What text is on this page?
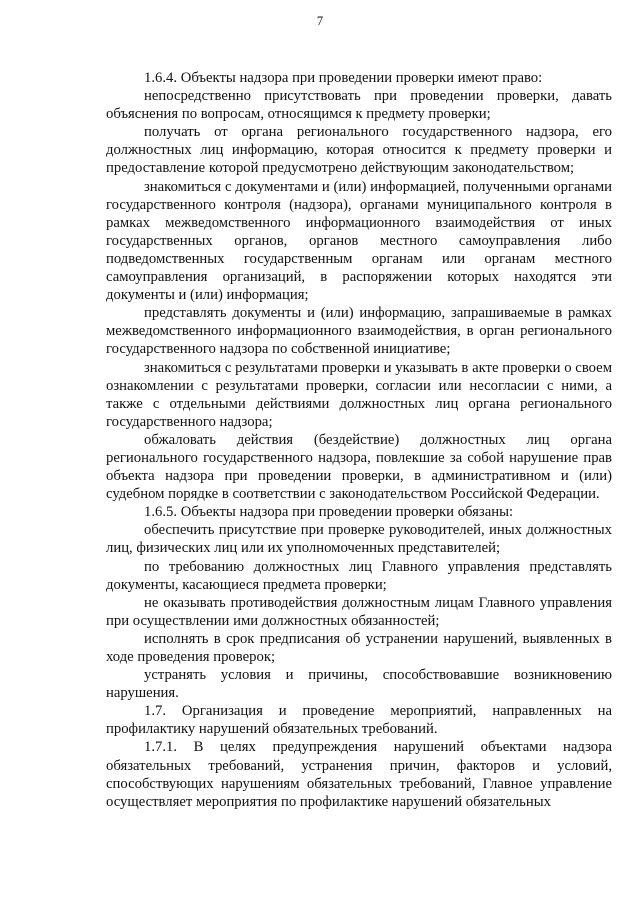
7

1.6.4. Объекты надзора при проведении проверки имеют право:

непосредственно присутствовать при проведении проверки, давать объяснения по вопросам, относящимся к предмету проверки;

получать от органа регионального государственного надзора, его должностных лиц информацию, которая относится к предмету проверки и предоставление которой предусмотрено действующим законодательством;

знакомиться с документами и (или) информацией, полученными органами государственного контроля (надзора), органами муниципального контроля в рамках межведомственного информационного взаимодействия от иных государственных органов, органов местного самоуправления либо подведомственных государственным органам или органам местного самоуправления организаций, в распоряжении которых находятся эти документы и (или) информация;

представлять документы и (или) информацию, запрашиваемые в рамках межведомственного информационного взаимодействия, в орган регионального государственного надзора по собственной инициативе;

знакомиться с результатами проверки и указывать в акте проверки о своем ознакомлении с результатами проверки, согласии или несогласии с ними, а также с отдельными действиями должностных лиц органа регионального государственного надзора;

обжаловать действия (бездействие) должностных лиц органа регионального государственного надзора, повлекшие за собой нарушение прав объекта надзора при проведении проверки, в административном и (или) судебном порядке в соответствии с законодательством Российской Федерации.

1.6.5. Объекты надзора при проведении проверки обязаны:

обеспечить присутствие при проверке руководителей, иных должностных лиц, физических лиц или их уполномоченных представителей;

по требованию должностных лиц Главного управления представлять документы, касающиеся предмета проверки;

не оказывать противодействия должностным лицам Главного управления при осуществлении ими должностных обязанностей;

исполнять в срок предписания об устранении нарушений, выявленных в ходе проведения проверок;

устранять условия и причины, способствовавшие возникновению нарушения.

1.7. Организация и проведение мероприятий, направленных на профилактику нарушений обязательных требований.

1.7.1. В целях предупреждения нарушений объектами надзора обязательных требований, устранения причин, факторов и условий, способствующих нарушениям обязательных требований, Главное управление осуществляет мероприятия по профилактике нарушений обязательных
